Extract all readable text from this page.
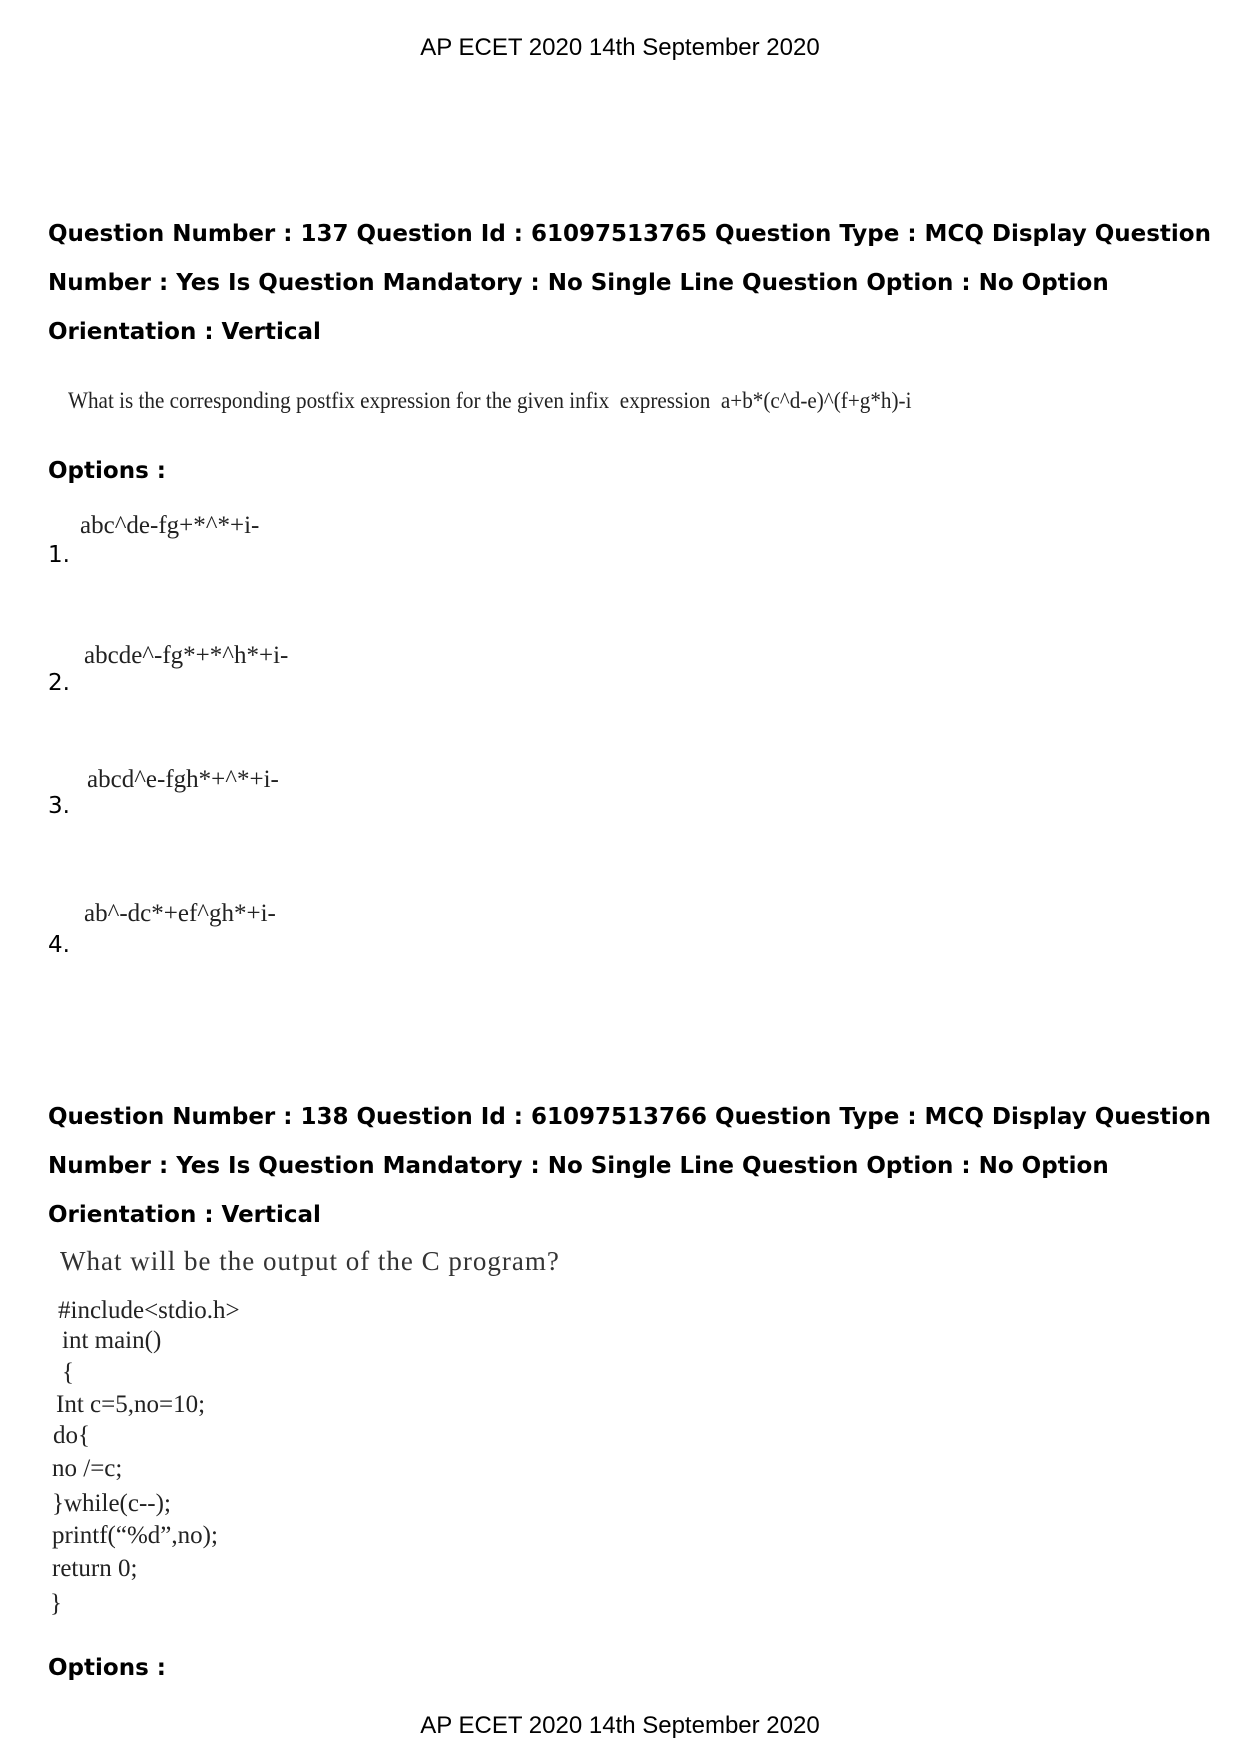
AP ECET 2020 14th September 2020
Question Number : 137 Question Id : 61097513765 Question Type : MCQ Display Question
Number : Yes Is Question Mandatory : No Single Line Question Option : No Option
Orientation : Vertical
What is the corresponding postfix expression for the given infix  expression  a+b*(c^d-e)^(f+g*h)-i
Options :
abc^de-fg+*^*+i-
1.
abcde^-fg*+*^h*+i-
2.
abcd^e-fgh*+^*+i-
3.
ab^-dc*+ef^gh*+i-
4.
Question Number : 138 Question Id : 61097513766 Question Type : MCQ Display Question
Number : Yes Is Question Mandatory : No Single Line Question Option : No Option
Orientation : Vertical
What will be the output of the C program?
#include<stdio.h>
int main()
{
Int c=5,no=10;
do{
no /=c;
}while(c--);
printf(“%d”,no);
return 0;
}
Options :
AP ECET 2020 14th September 2020
